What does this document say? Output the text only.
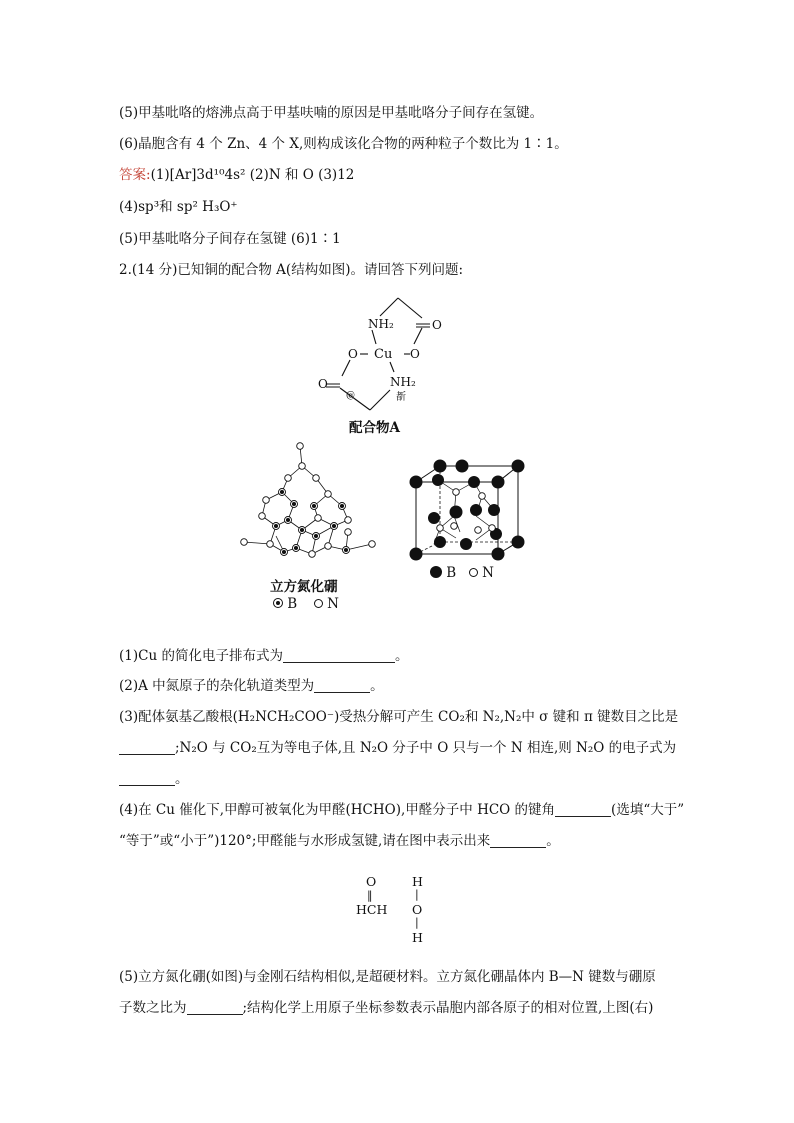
(5)甲基吡咯的熔沸点高于甲基呋喃的原因是甲基吡咯分子间存在氢键。
(6)晶胞含有 4 个 Zn、4 个 X,则构成该化合物的两种粒子个数比为 1∶1。
答案:(1)[Ar]3d¹⁰4s² (2)N 和 O (3)12
(4)sp³和 sp² H₃O⁺
(5)甲基吡咯分子间存在氢键 (6)1∶1
2.(14 分)已知铜的配合物 A(结构如图)。请回答下列问题:
NH₂	O
O Cu O
O	NH₂
@	斱
配合物A
立方氮化硼
B N
B N
(1)Cu 的简化电子排布式为	。
(2)A 中氮原子的杂化轨道类型为	。
(3)配体氨基乙酸根(H₂NCH₂COO⁻)受热分解可产生 CO₂和 N₂,N₂中 σ 键和 π 键数目之比是
;N₂O 与 CO₂互为等电子体,且 N₂O 分子中 O 只与一个 N 相连,则 N₂O 的电子式为
。
(4)在 Cu 催化下,甲醇可被氧化为甲醛(HCHO),甲醛分子中 HCO 的键角	(选填“大于”
“等于”或“小于”)120°;甲醛能与水形成氢键,请在图中表示出来	。
O
‖
HCH
H
|
O
|
H
(5)立方氮化硼(如图)与金刚石结构相似,是超硬材料。立方氮化硼晶体内 B—N 键数与硼原
子数之比为	;结构化学上用原子坐标参数表示晶胞内部各原子的相对位置,上图(右)
